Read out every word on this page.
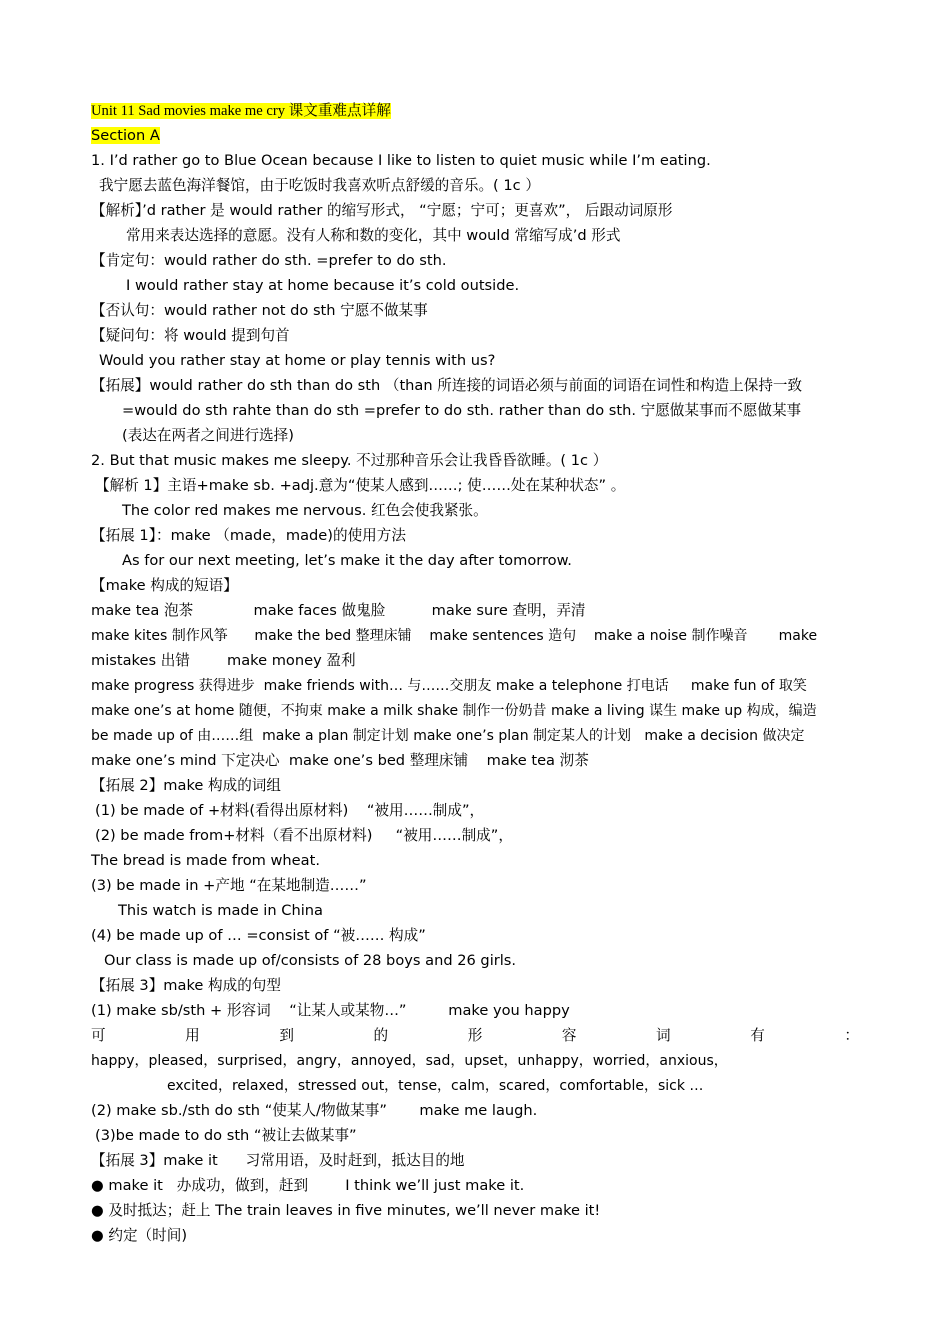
Unit 11 Sad movies make me cry 课文重难点详解
Section A
1. I’d rather go to Blue Ocean because I like to listen to quiet music while I’m eating.
我宁愿去蓝色海洋餐馆，由于吃饭时我喜欢听点舒缓的音乐。( 1c ）
【解析】’d rather 是 would rather 的缩写形式， “宁愿；宁可；更喜欢”， 后跟动词原形
常用来表达选择的意愿。没有人称和数的变化，其中 would 常缩写成’d 形式
【肯定句：would rather do sth. =prefer to do sth.
I would rather stay at home because it’s cold outside.
【否认句：would rather not do sth 宁愿不做某事
【疑问句：将 would 提到句首
Would you rather stay at home or play tennis with us?
【拓展】would rather do sth than do sth （than 所连接的词语必须与前面的词语在词性和构造上保持一致
=would do sth rahte than do sth =prefer to do sth. rather than do sth. 宁愿做某事而不愿做某事
(表达在两者之间进行选择)
2. But that music makes me sleepy. 不过那种音乐会让我昏昏欲睡。( 1c ）
【解析 1】主语+make sb. +adj.意为“使某人感到……; 使……处在某种状态” 。
The color red makes me nervous. 红色会使我紧张。
【拓展 1】：make （made，made)的使用方法
As for our next meeting, let’s make it the day after tomorrow.
【make 构成的短语】
make tea 泡茶             make faces 做鬼脸          make sure 查明，弄清
make kites 制作风筝      make the bed 整理床铺    make sentences 造句    make a noise 制作噪音       make
mistakes 出错        make money 盈利
make progress 获得进步  make friends with… 与……交朋友 make a telephone 打电话     make fun of 取笑
make one’s at home 随便，不拘束 make a milk shake 制作一份奶昔 make a living 谋生 make up 构成，编造
be made up of 由……组  make a plan 制定计划 make one’s plan 制定某人的计划   make a decision 做决定
make one’s mind 下定决心  make one’s bed 整理床铺    make tea 沏茶
【拓展 2】make 构成的词组
(1) be made of +材料(看得出原材料)    “被用……制成”，
(2) be made from+材料（看不出原材料)     “被用……制成”，
The bread is made from wheat.
(3) be made in +产地 “在某地制造……”
This watch is made in China
(4) be made up of … =consist of “被…… 构成”
Our class is made up of/consists of 28 boys and 26 girls.
【拓展 3】make 构成的句型
(1) make sb/sth + 形容词    “让某人或某物…”         make you happy
可	用	到	的	形	容	词	有	：
happy，pleased，surprised，angry，annoyed，sad，upset，unhappy，worried，anxious，
excited，relaxed，stressed out，tense，calm，scared，comfortable，sick …
(2) make sb./sth do sth “使某人/物做某事”       make me laugh.
(3)be made to do sth “被让去做某事”
【拓展 3】make it      习常用语，及时赶到，抵达目的地
● make it   办成功，做到，赶到        I think we’ll just make it.
● 及时抵达；赶上 The train leaves in five minutes, we’ll never make it!
● 约定（时间)
